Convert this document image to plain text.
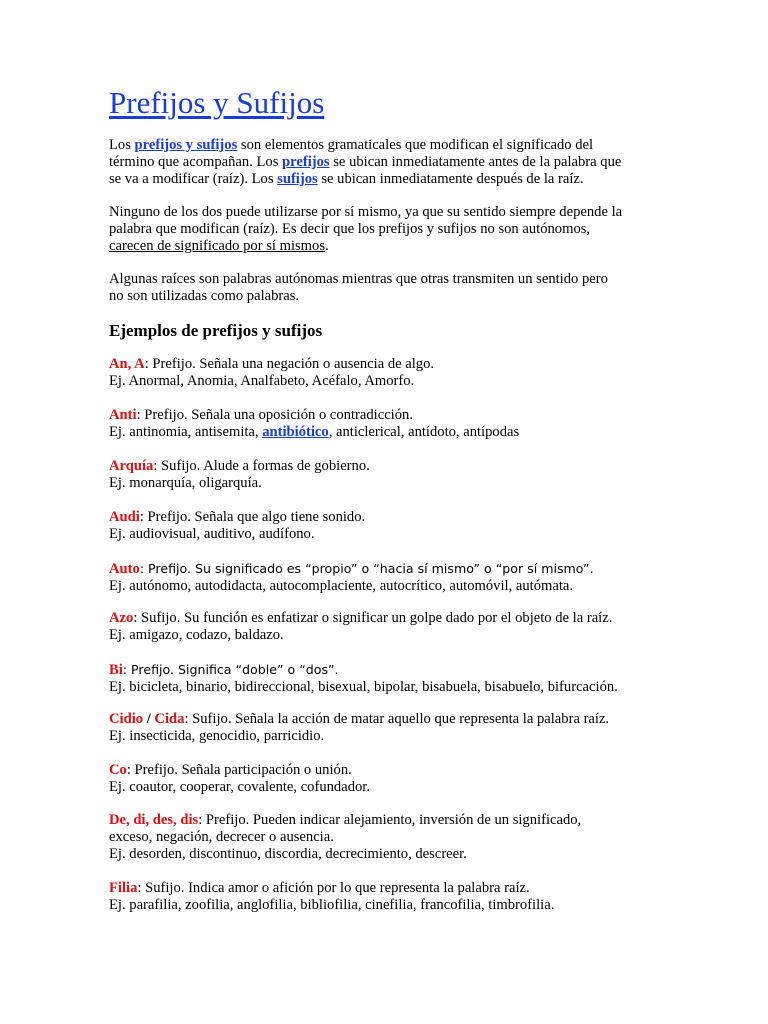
Prefijos y Sufijos

Los prefijos y sufijos son elementos gramaticales que modifican el significado del
término que acompañan. Los prefijos se ubican inmediatamente antes de la palabra que
se va a modificar (raíz). Los sufijos se ubican inmediatamente después de la raíz.

Ninguno de los dos puede utilizarse por sí mismo, ya que su sentido siempre depende la
palabra que modifican (raíz). Es decir que los prefijos y sufijos no son autónomos,
carecen de significado por sí mismos.

Algunas raíces son palabras autónomas mientras que otras transmiten un sentido pero
no son utilizadas como palabras.

Ejemplos de prefijos y sufijos

An, A: Prefijo. Señala una negación o ausencia de algo.
Ej. Anormal, Anomia, Analfabeto, Acéfalo, Amorfo.

Anti: Prefijo. Señala una oposición o contradicción.
Ej. antinomia, antisemita, antibiótico, anticlerical, antídoto, antípodas

Arquía: Sufijo. Alude a formas de gobierno.
Ej. monarquía, oligarquía.

Audi: Prefijo. Señala que algo tiene sonido.
Ej. audiovisual, auditivo, audífono.

Auto: Prefijo. Su significado es “propio” o “hacia sí mismo” o “por sí mismo”.
Ej. autónomo, autodidacta, autocomplaciente, autocrítico, automóvil, autómata.

Azo: Sufijo. Su función es enfatizar o significar un golpe dado por el objeto de la raíz.
Ej. amigazo, codazo, baldazo.

Bi: Prefijo. Significa “doble” o “dos”.
Ej. bicicleta, binario, bidireccional, bisexual, bipolar, bisabuela, bisabuelo, bifurcación.

Cidio / Cida: Sufijo. Señala la acción de matar aquello que representa la palabra raíz.
Ej. insecticida, genocidio, parricidio.

Co: Prefijo. Señala participación o unión.
Ej. coautor, cooperar, covalente, cofundador.

De, di, des, dis: Prefijo. Pueden indicar alejamiento, inversión de un significado,
exceso, negación, decrecer o ausencia.
Ej. desorden, discontinuo, discordia, decrecimiento, descreer.

Filia: Sufijo. Indica amor o afición por lo que representa la palabra raíz.
Ej. parafilia, zoofilia, anglofilia, bibliofilia, cinefilia, francofilia, timbrofilia.
